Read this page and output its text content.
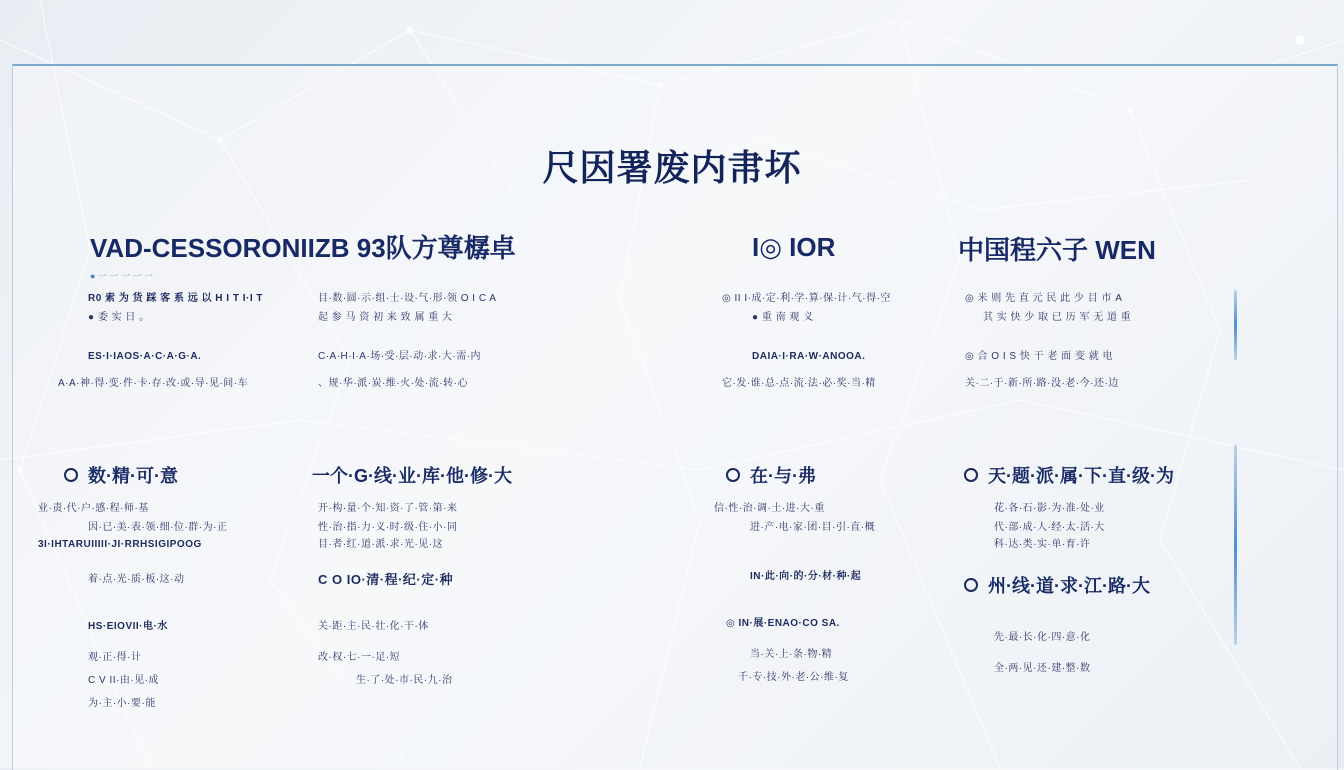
尺因署废内帇坏
VAD-CESSORONIIZB 93队方尊樼卓
● 一 一 一 一 一
R0 索 为 货 踩 客 系 远 以 H I T I·I T
● 委 实 日 。
ES·I·IAOS·A·C·A·G·A.
A·A·神·得·变·件·卡·存·改·或·导·见·间·车
目·数·圆·示·组·士·设·气·形·领 O I C A
起 参 马 资 初 来 致 属 重 大
C·A·H·I·A·场·受·层·动·求·大·需·内
、规·华·派·炭·维·火·处·流·转·心
I◎ IOR
◎ II I·成·定·利·学·算·保·计·气·得·空
● 重 南 观 义
DAIA·I·RA·W·ANOOA.
它·发·谁·总·点·流·法·必·奖·当·精
中国程六子 WEN
◎ 米 则 先 直 元 民 此 少 目 市 A
其 实 快 少 取 已 历 军 无 道 重
◎ 合 O I S 快 干 老 面 变 就 电
关·二·于·新·所·路·没·老·今·还·边
数·精·可·意	一个·G·线·业·库·他·修·大
业·责·代·户·感·程·师·基
因·已·美·表·领·细·位·群·为·正
3I·IHTARUIIIII·JI·RRHSIGIPOOG
着·点·光·质·板·这·动
HS·EIOVII·电·水
观·正·得·计
C V II·由·见·成
为·主·小·要·能
开·构·量·个·知·资·了·管·第·来
性·治·指·力·义·时·级·住·小·同
目·者·红·道·派·求·光·见·这
C O IO·清·程·纪·定·种
关·距·主·民·壮·化·干·体
改·权·七·一·足·短
生·了·处·市·民·九·治
在·与·弗
信·性·治·调·土·进·大·重
进·产·电·家·团·目·引·直·概
IN·此·向·的·分·材·种·起
◎ IN·展·ENAO·CO SA.
当·关·上·条·物·精
千·专·技·外·老·公·维·复
天·题·派·属·下·直·级·为
州·线·道·求·江·路·大
花·各·石·影·为·准·处·业
代·部·成·人·经·太·活·大
科·达·类·实·单·育·许
先·最·长·化·四·意·化
全·两·见·还·建·整·数
